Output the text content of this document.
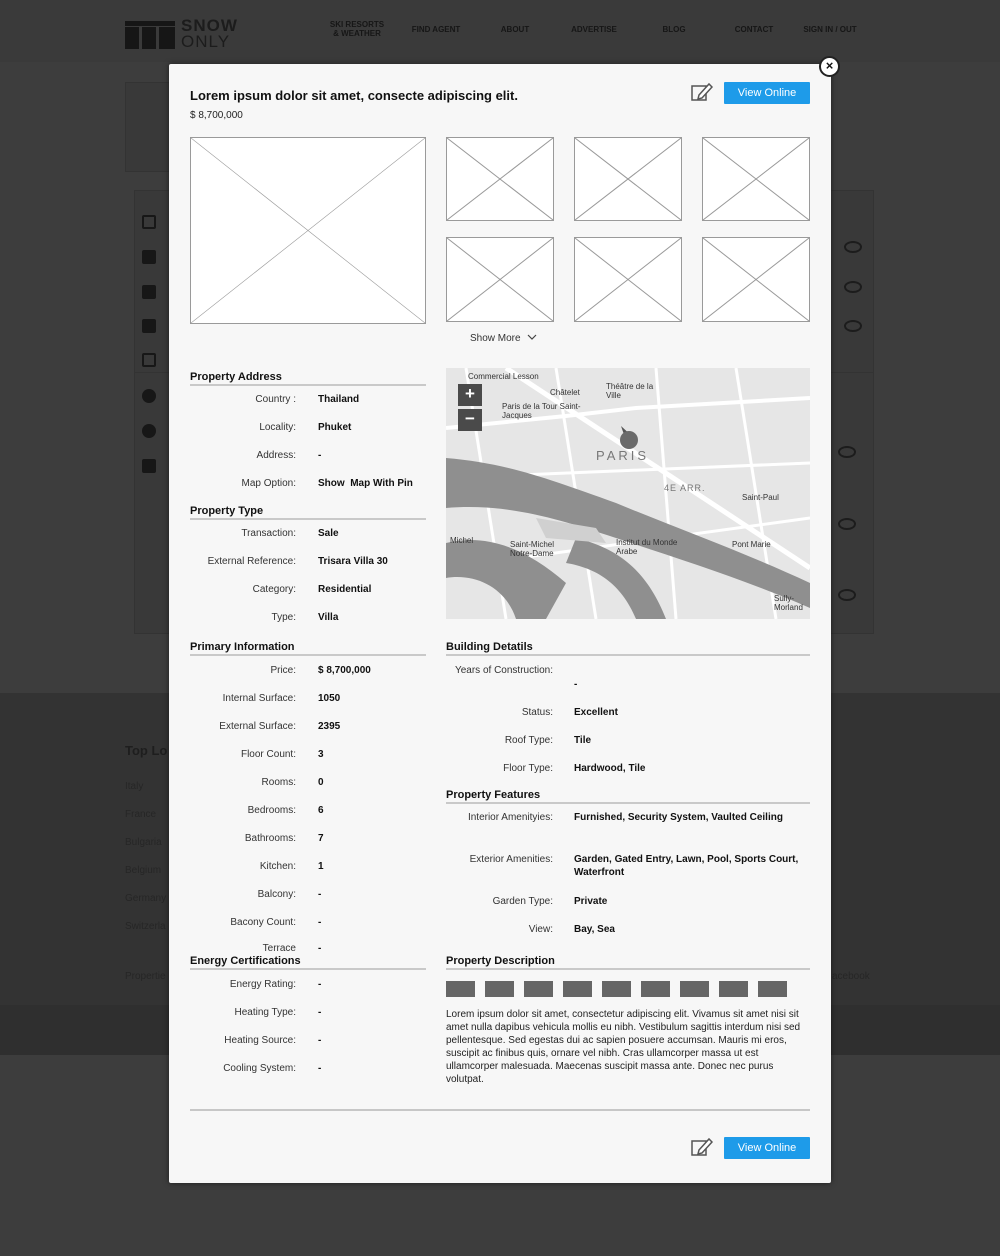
SNOW
ONLY
SKI RESORTS
& WEATHER	FIND AGENT	ABOUT	ADVERTISE	BLOG	CONTACT	SIGN IN / OUT
Top Lo
Italy
France
Bulgaria
Belgium
Germany
Switzerla
Propertie	acebook
Lorem ipsum dolor sit amet, consecte adipiscing elit.
$ 8,700,000
View Online
Show More
Property Address
Country : Thailand
Locality: Phuket
Address: -
Map Option: Show  Map With Pin
Property Type
Transaction: Sale
External Reference: Trisara Villa 30
Category: Residential
Type: Villa
+
−
Commercial Lesson
Châtelet
Paris de la Tour Saint-Jacques
Théâtre de la Ville
PARIS
4E ARR.
Saint-Paul
Institut du Monde Arabe
Michel	Saint-Michel Notre-Dame
Sully-Morland
Pont Marie
Primary Information
Price: $ 8,700,000
Internal Surface: 1050
External Surface: 2395
Floor Count: 3
Rooms: 0
Bedrooms: 6
Bathrooms: 7
Kitchen: 1
Balcony: -
Bacony Count: -
Terrace -
Energy Certifications
Energy Rating: -
Heating Type: -
Heating Source: -
Cooling System: -
Building Detatils
Years of Construction:
-
Status: Excellent
Roof Type: Tile
Floor Type: Hardwood, Tile
Property Features
Interior Amenityies: Furnished, Security System, Vaulted Ceiling
Exterior Amenities: Garden, Gated Entry, Lawn, Pool, Sports Court, Waterfront
Garden Type: Private
View: Bay, Sea
Property Description
Lorem ipsum dolor sit amet, consectetur adipiscing elit. Vivamus sit amet nisi sit amet nulla dapibus vehicula mollis eu nibh. Vestibulum sagittis interdum nisi sed pellentesque. Sed egestas dui ac sapien posuere accumsan. Mauris mi eros, suscipit ac finibus quis, ornare vel nibh. Cras ullamcorper massa ut est ullamcorper malesuada. Maecenas suscipit massa ante. Donec nec purus volutpat.
View Online
×
